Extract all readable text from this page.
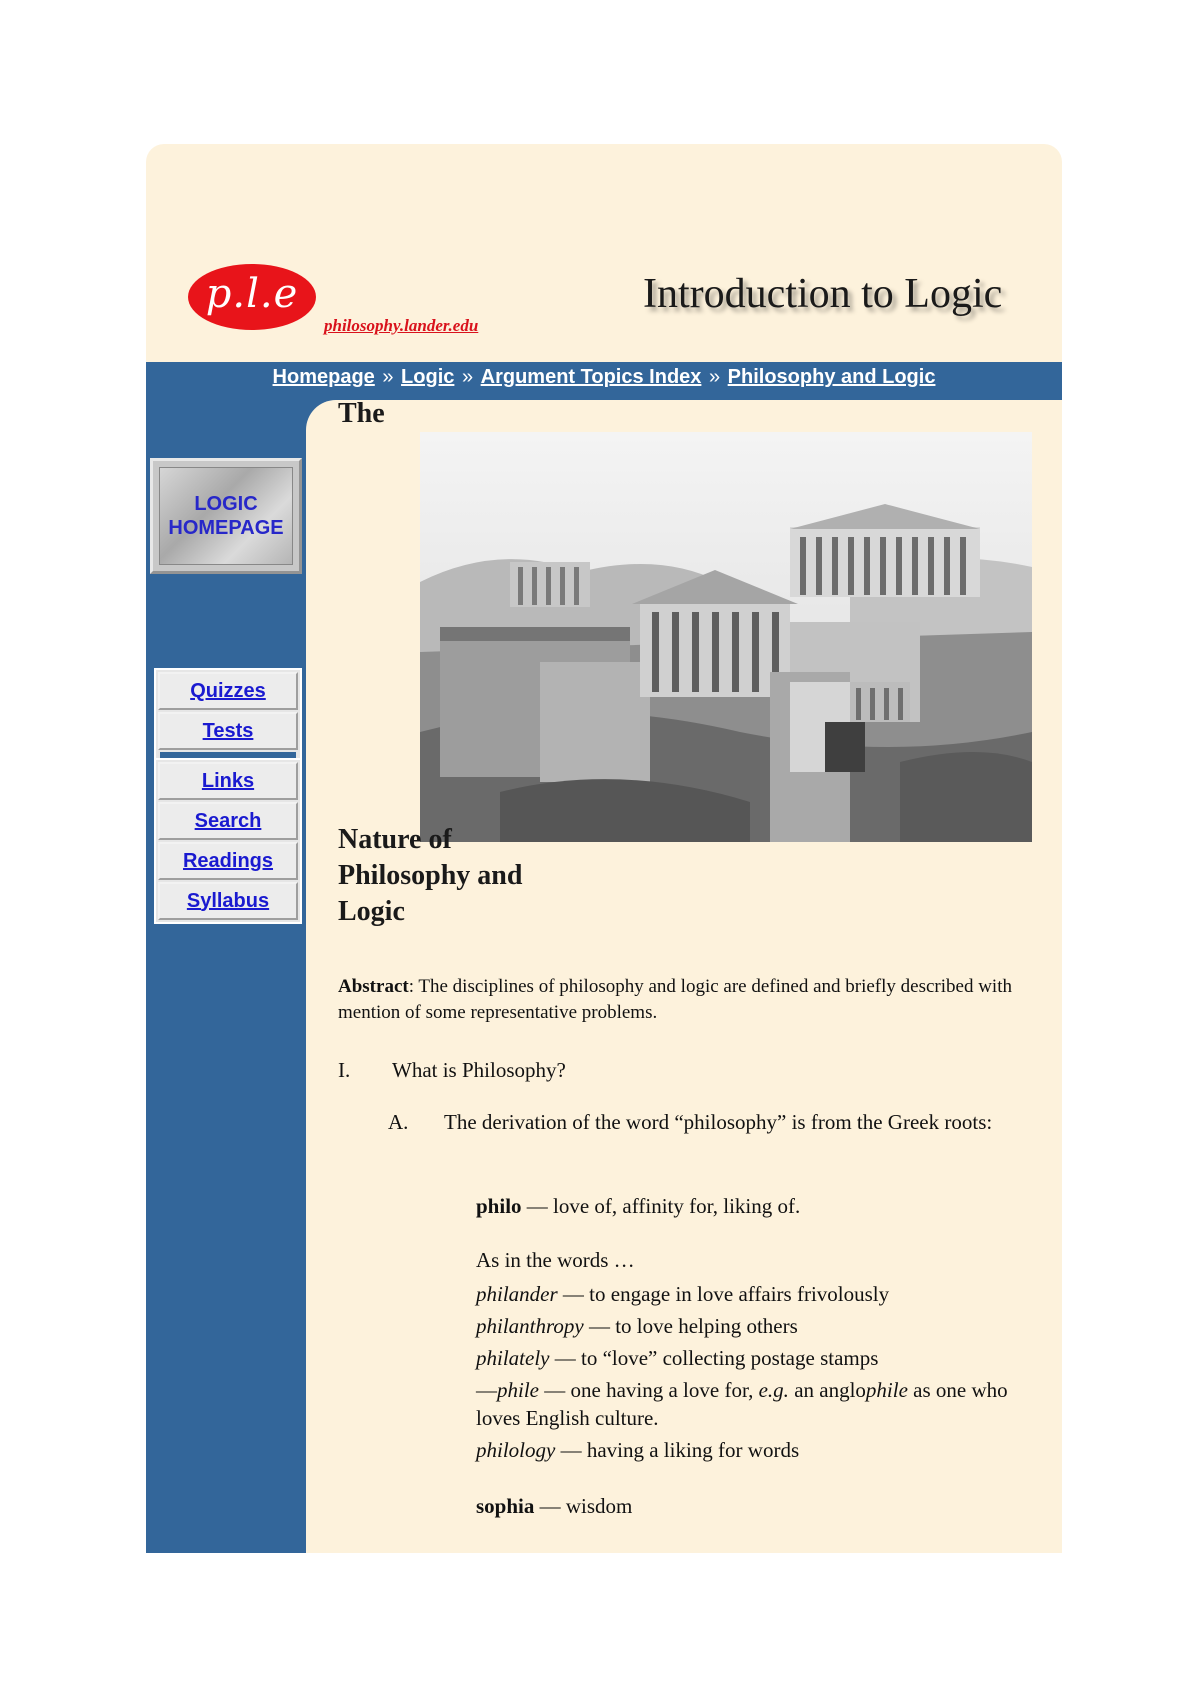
p.l.e
philosophy.lander.edu
Introduction to Logic
Homepage » Logic » Argument Topics Index » Philosophy and Logic
LOGIC HOMEPAGE
Quizzes
Tests
Links
Search
Readings
Syllabus
The
Nature of
Philosophy and
Logic
Abstract: The disciplines of philosophy and logic are defined and briefly described with mention of some representative problems.
I. What is Philosophy?
A. The derivation of the word “philosophy” is from the Greek roots:
philo — love of, affinity for, liking of.
As in the words …
philander — to engage in love affairs frivolously
philanthropy — to love helping others
philately — to “love” collecting postage stamps
—phile — one having a love for, e.g. an anglophile as one who loves English culture.
philology — having a liking for words
sophia — wisdom
